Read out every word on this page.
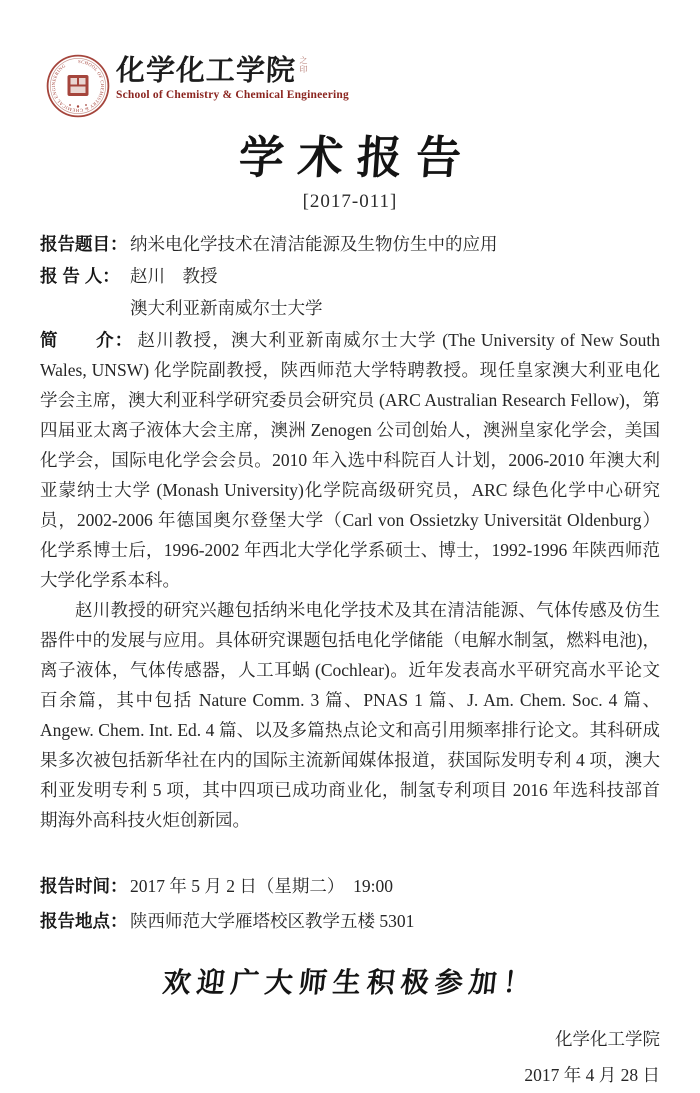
SCHOOL OF CHEMISTRY & CHEMICAL ENGINEERING	化学化工学院 之印
School of Chemistry & Chemical Engineering
学术报告
[2017-011]
报告题目： 纳米电化学技术在清洁能源及生物仿生中的应用
报 告 人： 赵川　教授
澳大利亚新南威尔士大学

简　　介： 赵川教授，澳大利亚新南威尔士大学 (The University of New South Wales, UNSW) 化学院副教授，陕西师范大学特聘教授。现任皇家澳大利亚电化学会主席，澳大利亚科学研究委员会研究员 (ARC Australian Research Fellow)，第四届亚太离子液体大会主席，澳洲 Zenogen 公司创始人，澳洲皇家化学会，美国化学会，国际电化学会会员。2010 年入选中科院百人计划，2006-2010 年澳大利亚蒙纳士大学 (Monash University)化学院高级研究员，ARC 绿色化学中心研究员，2002-2006 年德国奥尔登堡大学（Carl von Ossietzky Universität Oldenburg）化学系博士后，1996-2002 年西北大学化学系硕士、博士，1992-1996 年陕西师范大学化学系本科。

赵川教授的研究兴趣包括纳米电化学技术及其在清洁能源、气体传感及仿生器件中的发展与应用。具体研究课题包括电化学储能（电解水制氢，燃料电池)，离子液体，气体传感器，人工耳蜗 (Cochlear)。近年发表高水平研究高水平论文百余篇，其中包括 Nature Comm. 3 篇、PNAS 1 篇、J. Am. Chem. Soc. 4 篇、Angew. Chem. Int. Ed. 4 篇、以及多篇热点论文和高引用频率排行论文。其科研成果多次被包括新华社在内的国际主流新闻媒体报道，获国际发明专利 4 项，澳大利亚发明专利 5 项，其中四项已成功商业化，制氢专利项目 2016 年选科技部首期海外高科技火炬创新园。

报告时间： 2017 年 5 月 2 日（星期二）　19:00
报告地点： 陕西师范大学雁塔校区教学五楼 5301
欢迎广大师生积极参加！
化学化工学院
2017 年 4 月 28 日
